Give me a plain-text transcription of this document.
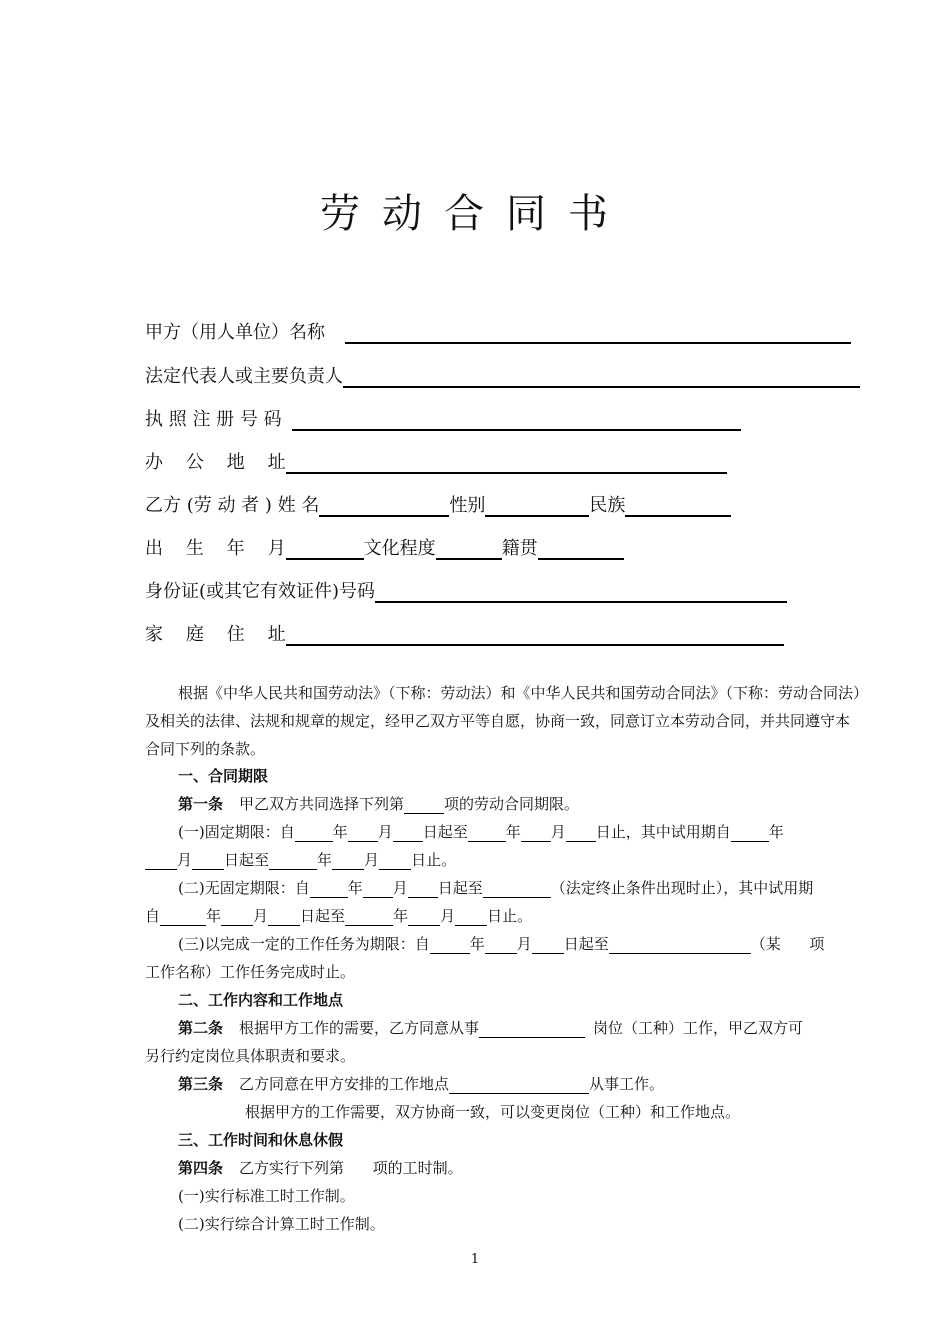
劳动合同书
甲方（用人单位）名称
法定代表人或主要负责人
执 照 注 册 号 码
办    公    地    址
乙方 (劳 动 者 ) 姓 名	性别	民族
出    生    年    月	文化程度	籍贯
身份证(或其它有效证件)号码
家    庭    住    址
根据《中华人民共和国劳动法》（下称：劳动法）和《中华人民共和国劳动合同法》（下称：劳动合同法）及相关的法律、法规和规章的规定，经甲乙双方平等自愿，协商一致，同意订立本劳动合同，并共同遵守本合同下列的条款。
一、合同期限
第一条 甲乙双方共同选择下列第	项的劳动合同期限。
(一)固定期限：自	年 月 日起至	年 月 日止，其中试用期自	年
月 日起至	年 月 日止。
(二)无固定期限：自	年 月 日起至	（法定终止条件出现时止），其中试用期
自	年 月 日起至	年 月 日止。
(三)以完成一定的工作任务为期限：自	年 月 日起至	（某      项
工作名称）工作任务完成时止。
二、工作内容和工作地点
第二条 根据甲方工作的需要，乙方同意从事	岗位（工种）工作，甲乙双方可
另行约定岗位具体职责和要求。
第三条 乙方同意在甲方安排的工作地点	从事工作。
根据甲方的工作需要，双方协商一致，可以变更岗位（工种）和工作地点。
三、工作时间和休息休假
第四条 乙方实行下列第      项的工时制。
(一)实行标准工时工作制。
(二)实行综合计算工时工作制。
1
